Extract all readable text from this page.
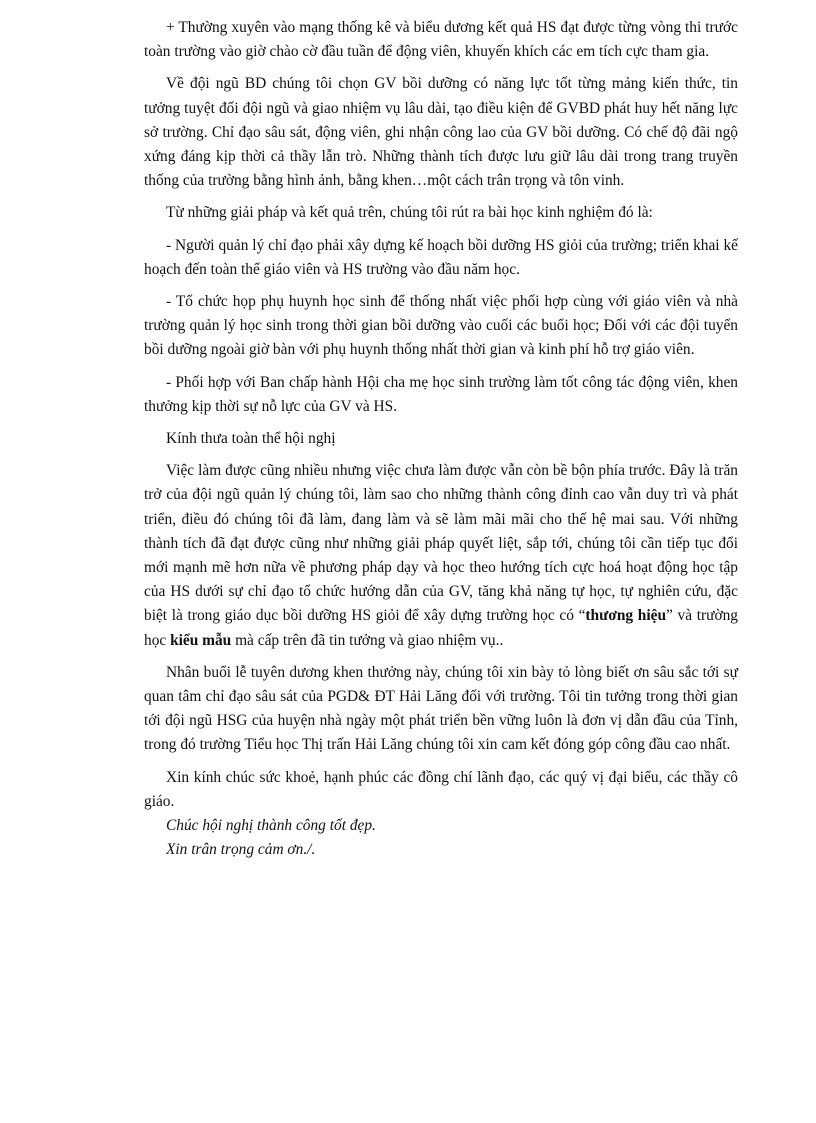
+ Thường xuyên vào mạng thống kê và biểu dương kết quả HS đạt được từng vòng thi trước toàn trường vào giờ chào cờ đầu tuần để động viên, khuyến khích các em tích cực tham gia.

Về đội ngũ BD chúng tôi chọn GV bồi dưỡng có năng lực tốt từng mảng kiến thức, tin tưởng tuyệt đối đội ngũ và giao nhiệm vụ lâu dài, tạo điều kiện để GVBD phát huy hết năng lực sở trường. Chỉ đạo sâu sát, động viên, ghi nhận công lao của GV bồi dưỡng. Có chế độ đãi ngộ xứng đáng kịp thời cả thầy lẫn trò. Những thành tích được lưu giữ lâu dài trong trang truyền thống của trường bằng hình ảnh, bằng khen…một cách trân trọng và tôn vinh.

Từ những giải pháp và kết quả trên, chúng tôi rút ra bài học kinh nghiệm đó là:

- Người quản lý chỉ đạo phải xây dựng kế hoạch bồi dưỡng HS giỏi của trường; triển khai kế hoạch đến toàn thể giáo viên và HS trường vào đầu năm học.

- Tổ chức họp phụ huynh học sinh để thống nhất việc phối hợp cùng với giáo viên và nhà trường quản lý học sinh trong thời gian bồi dưỡng vào cuối các buổi học; Đối với các đội tuyển bồi dưỡng ngoài giờ bàn với phụ huynh thống nhất thời gian và kinh phí hỗ trợ giáo viên.

- Phối hợp với Ban chấp hành Hội cha mẹ học sinh trường làm tốt công tác động viên, khen thưởng kịp thời sự nỗ lực của GV và HS.

Kính thưa toàn thể hội nghị

Việc làm được cũng nhiều nhưng việc chưa làm được vẫn còn bề bộn phía trước. Đây là trăn trở của đội ngũ quản lý chúng tôi, làm sao cho những thành công đỉnh cao vẫn duy trì và phát triển, điều đó chúng tôi đã làm, đang làm và sẽ làm mãi mãi cho thế hệ mai sau. Với những thành tích đã đạt được cũng như những giải pháp quyết liệt, sắp tới, chúng tôi cần tiếp tục đổi mới mạnh mẽ hơn nữa về phương pháp dạy và học theo hướng tích cực hoá hoạt động học tập của HS dưới sự chỉ đạo tổ chức hướng dẫn của GV, tăng khả năng tự học, tự nghiên cứu, đặc biệt là trong giáo dục bồi dưỡng HS giỏi để xây dựng trường học có “thương hiệu” và trường học kiểu mẫu mà cấp trên đã tin tưởng và giao nhiệm vụ..

Nhân buổi lễ tuyên dương khen thưởng này, chúng tôi xin bày tỏ lòng biết ơn sâu sắc tới sự quan tâm chỉ đạo sâu sát của PGD& ĐT Hải Lăng đối với trường. Tôi tin tưởng trong thời gian tới đội ngũ HSG của huyện nhà ngày một phát triển bền vững luôn là đơn vị dẫn đầu của Tỉnh, trong đó trường Tiểu học Thị trấn Hải Lăng chúng tôi xin cam kết đóng góp công đầu cao nhất.

Xin kính chúc sức khoẻ, hạnh phúc các đồng chí lãnh đạo, các quý vị đại biểu, các thầy cô giáo.

Chúc hội nghị thành công tốt đẹp.

Xin trân trọng cảm ơn./.
